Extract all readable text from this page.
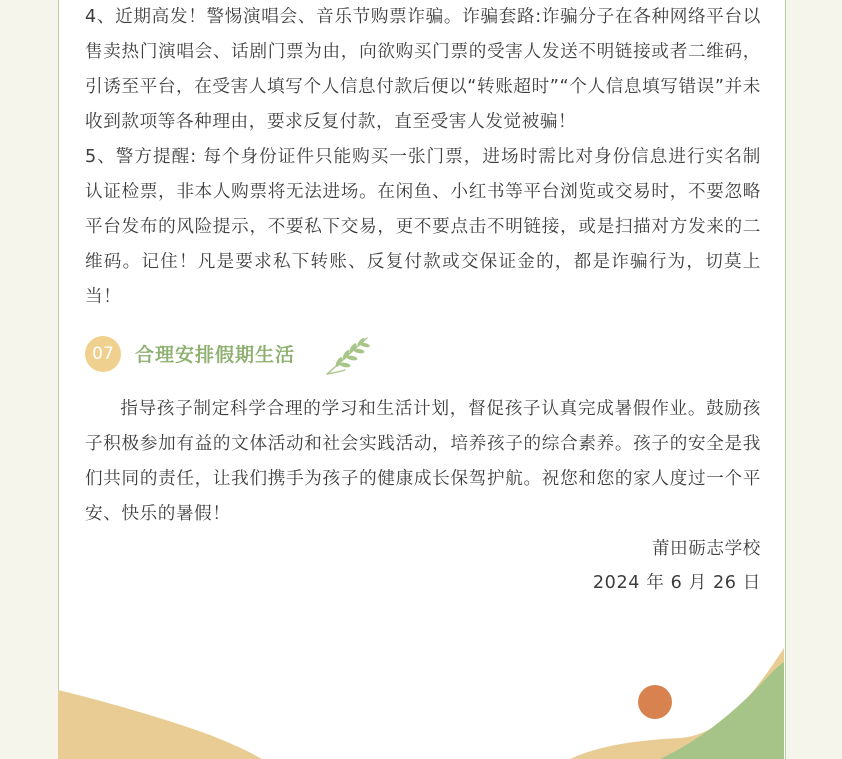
4、近期高发！警惕演唱会、音乐节购票诈骗。诈骗套路:诈骗分子在各种网络平台以售卖热门演唱会、话剧门票为由，向欲购买门票的受害人发送不明链接或者二维码，引诱至平台，在受害人填写个人信息付款后便以“转账超时”“个人信息填写错误”并未收到款项等各种理由，要求反复付款，直至受害人发觉被骗！
5、警方提醒: 每个身份证件只能购买一张门票，进场时需比对身份信息进行实名制认证检票，非本人购票将无法进场。在闲鱼、小红书等平台浏览或交易时，不要忽略平台发布的风险提示，不要私下交易，更不要点击不明链接，或是扫描对方发来的二维码。记住！凡是要求私下转账、反复付款或交保证金的，都是诈骗行为，切莫上当！
07	合理安排假期生活
指导孩子制定科学合理的学习和生活计划，督促孩子认真完成暑假作业。鼓励孩子积极参加有益的文体活动和社会实践活动，培养孩子的综合素养。孩子的安全是我们共同的责任，让我们携手为孩子的健康成长保驾护航。祝您和您的家人度过一个平安、快乐的暑假！
莆田砺志学校
2024 年 6 月 26 日
